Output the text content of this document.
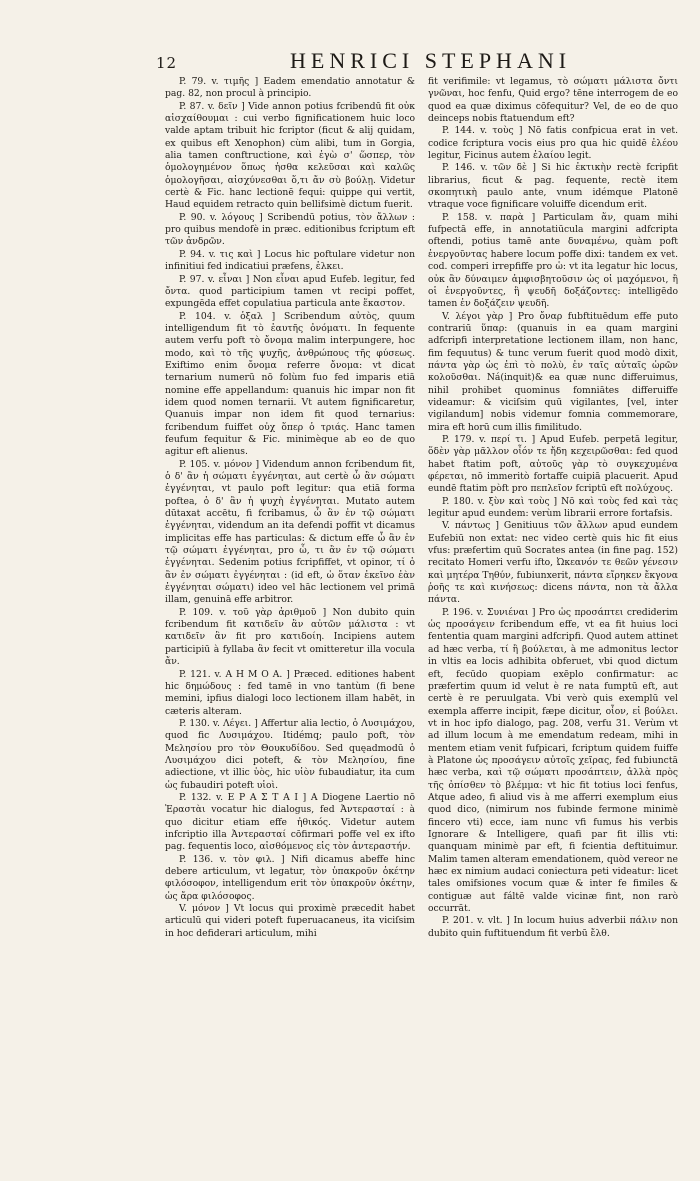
12	HENRICI STEPHANI

P. 79. v. τιμῆς ] Eadem emendatio annotatur & pag. 82, non procul à principio.

P. 87. v. δεῖν ] Vide annon potius fcribendū fit οὐκ αἰσχαίθουμαι : cui verbo fignificationem huic loco valde aptam tribuit hic fcriptor (ficut & alij quidam, ex quibus eft Xenophon) cùm alibi, tum in Gorgia, alia tamen conftructione, καὶ ἐγὼ σ' ὥσπερ, τὸν ὁμολογημένον ὅπως ἠσθα κελεῦσαι καὶ καλῶς ὁμολογῆσαι, αἰσχύνεσθαι ὅ,τι ἄν σὺ βούλῃ. Videtur certè & Fic. hanc lectionē fequi: quippe qui vertit, Haud equidem retracto quin bellifsimè dictum fuerit.

P. 90. v. λόγους ] Scribendū potius, τὸν ἄλλων : pro quibus mendofè in præc. editionibus fcriptum eft τῶν ἀνδρῶν.

P. 94. v. τις καὶ ] Locus hic poftulare videtur non infinitiui fed indicatiui præfens, ἑλκει.

P. 97. v. εἶναι ] Non εἶναι apud Eufeb. legitur, fed ὄντα. quod participium tamen vt recipi poffet, expungēda effet copulatiua particula ante ἕκαστον.

P. 104. v. ὁξαλ ] Scribendum αὐτὸς, quum intelligendum fit τὸ ἑαυτῆς ὀνόματι. In fequente autem verfu poft τὸ ὄνομα malim interpungere, hoc modo, καὶ τὸ τῆς ψυχῆς, ἀνθρώπους τῆς φύσεως. Exiftimo enim ὄνομα referre ὄνομα: vt dicat ternarium numerū nō folùm fuo fed imparis etiā nomine effe appellandum: quanuis hic impar non fit idem quod nomen ternarii. Vt autem fignificaretur, Quanuis impar non idem fit quod ternarius: fcribendum fuiffet οὐχ ὅπερ ὁ τριάς. Hanc tamen feufum fequitur & Fic. minimèque ab eo de quo agitur eft alienus.

P. 105. v. μόνον ] Videndum annon fcribendum fit, ὁ δ' ἂν ἡ σώματι ἐγγένηται, aut certè ὧ ἂν σώματι ἐγγένηται, vt paulo poft legitur: qua etiā forma poftea, ὁ δ' ἂν ἡ ψυχὴ ἐγγένηται. Mutato autem dūtaxat accētu, fi fcribamus, ὧ ἂν ἐν τῷ σώματι ἐγγένηται, videndum an ita defendi poffit vt dicamus implicitas effe has particulas: & dictum effe ὧ ἂν ἐν τῷ σώματι ἐγγένηται, pro ὧ, τι ἂν ἐν τῷ σώματι ἐγγένηται. Sedenim potius fcripfiffet, vt opinor, τί ὁ ἂν ἐν σώματι ἐγγένηται : (id eft, ὡ ὅταν ἐκεῖνο ἐὰν ἐγγένηται σώματι) ideo vel hāc lectionem vel primā illam, genuinā effe arbitror.

P. 109. v. τοῦ γὰρ ἀριθμοῦ ] Non dubito quin fcribendum fit κατιδεῖν ἂν αὐτῶν μάλιστα : vt κατιδεῖν ἂν fit pro κατιδοίη. Incipiens autem participiū à fyllaba ἂν fecit vt omitteretur illa vocula ἄν.

P. 121. v. Α Η Μ Ο Α. ] Præced. editiones habent hic δημώδους : fed tamē in vno tantùm (fi bene memini, ipfius dialogi loco lectionem illam habēt, in cæteris alteram.

P. 130. v. Λέγει. ] Affertur alia lectio, ὁ Λυσιμάχου, quod fic Λυσιμάχου. Itidémq; paulo poft, τὸν Μελησίου pro τὸν Θουκυδίδου. Sed quęadmodū ὁ Λυσιμάχου dici poteft, & τὸν Μελησίου, fine adiectione, vt illic ὑὸς, hic υἱὸν fubaudiatur, ita cum ὡς fubaudiri poteft υἱοὶ.

P. 132. v. Ε Ρ Α Σ Τ Α Ι ] A Diogene Laertio nō Ἐραστὰι vocatur hic dialogus, fed Ἀντερασταί : à quo dicitur etiam effe ἠθικός. Videtur autem infcriptio illa Ἀντερασταί cōfirmari poffe vel ex ifto pag. fequentis loco, αἰσθόμενος εἰς τὸν ἀντεραστήν.

P. 136. v. τὸν φιλ. ] Nifi dicamus abeffe hinc debere articulum, vt legatur, τὸν ὑπακροῦν ὀκέτην φιλόσοφον, intelligendum erit τὸν ὑπακροῦν ὀκέτην, ὡς ἄρα φιλόσοφος.

V. μόνον ] Vt locus qui proximè præcedit habet articulū qui videri poteft fuperuacaneus, ita viciſsim in hoc defiderari articulum, mihi

fit verifimile: vt legamus, τὸ σώματι μάλιστα ὄντι γνῶναι, hoc fenfu, Quid ergo? tēne interrogem de eo quod ea quæ diximus cōfequitur? Vel, de eo de quo deinceps nobis ftatuendum eft?

P. 144. v. τοὺς ] Nō fatis confpicua erat in vet. codice fcriptura vocis eius pro qua hic quidē ἐλέου legitur, Ficinus autem ἐλαίου legit.

P. 146. v. τῶν δὲ ] Si hic ἐκτικὴν rectè fcripfit librarius, ficut & pag. fequente, rectè item σκοπητικὴ paulo ante, vnum idémque Platonē vtraque voce fignificare voluiffe dicendum erit.

P. 158. v. παρὰ ] Particulam ἅν, quam mihi fufpectā effe, in annotatiūcula margini adfcripta oftendi, potius tamē ante δυναμένω, quàm poft ἐνεργοῦντας habere locum poffe dixi: tandem ex vet. cod. comperi irrepfiffe pro ὡ: vt ita legatur hic locus, οὐκ ἂν δύναιμεν ἀμφισβητοῦσιν ὡς οἱ μαχόμενοι, ἢ οἱ ἐνεργοῦντες, ἢ ψευδῆ δοξάζοντες: intelligēdo tamen ἐν δοξάζειν ψευδῆ.

V. λέγοι γὰρ ] Pro ὄναρ fubftituēdum effe puto contrariū ὕπαρ: (quanuis in ea quam margini adfcripfi interpretatione lectionem illam, non hanc, fim fequutus) & tunc verum fuerit quod modò dixit, πάντα γὰρ ὡς ἐπὶ τὸ πολὺ, ἐν ταῖς αὐταῖς ὡρῶν κολοῦσθαι. Ná(inquit)& ea quæ nunc differuimus, nihil prohibet quominus fomniātes differuiffe videamur: & viciſsim quū vigilantes, [vel, inter vigilandum] nobis videmur fomnia commemorare, mira eft horū cum illis fimilitudo.

P. 179. v. περί τι. ] Apud Eufeb. perpetā legitur, ὅδὲν γὰρ μᾶλλον οἶόν τε ἤδη κεχειρῶσθαι: fed quod habet ftatim poft, αὐτοῦς γὰρ τὸ συγκεχυμένα φέρεται, nō immeritò fortaffe cuipiā placuerit. Apud eundē ftatim pòft pro πεπλεῖον fcriptū eft πολύχους.

P. 180. v. ξὺν καὶ τοὺς ] Nō καὶ τοὺς fed καὶ τὰς legitur apud eundem: verùm librarii errore fortafsis.

V. πάντως ] Genitiuus τῶν ἄλλων apud eundem Eufebiū non extat: nec video certè quis hic fit eius vfus: præfertim quū Socrates antea (in fine pag. 152) recitato Homeri verfu ifto, Ὠκεανόν τε θεῶν γένεσιν καὶ μητέρα Τηθύν, fubiunxerit, πάντα εἴρηκεν ἔκγονα ῥοῆς τε καὶ κινήσεως: dicens πάντα, non τὰ ἄλλα πάντα.

P. 196. v. Συνιέναι ] Pro ὡς προσάπτει crediderim ὡς προσάγειν fcribendum effe, vt ea fit huius loci fententia quam margini adfcripfi. Quod autem attinet ad hæc verba, τί ἢ βούλεται, à me admonitus lector in vltis ea locis adhibita obferuet, vbi quod dictum eft, fecūdo quopiam exēplo confirmatur: ac præfertim quum id velut è re nata fumptū eft, aut certè è re peruulgata. Vbi verò quis exemplū vel exempla afferre incipit, fæpe dicitur, οἷον, εἰ βούλει. vt in hoc ipfo dialogo, pag. 208, verfu 31. Verùm vt ad illum locum à me emendatum redeam, mihi in mentem etiam venit fufpicari, fcriptum quidem fuiffe à Platone ὡς προσάγειν αὐτοῖς χεῖρας, fed fubiunctā hæc verba, καὶ τῷ σώματι προσάπτειν, ἀλλὰ πρὸς τῆς ὀπίσθεν τὸ βλέμμα: vt hic fit totius loci fenfus, Atque adeo, fi aliud vis à me afferri exemplum eius quod dico, (nimirum nos fubinde fermone minimè fincero vti) ecce, iam nunc vfi fumus his verbis Ignorare & Intelligere, quafi par fit illis vti: quanquam minimè par eft, fi fcientia deftituimur. Malim tamen alteram emendationem, quòd vereor ne hæc ex nimium audaci coniectura peti videatur: licet tales omifsiones vocum quæ & inter fe fimiles & contiguæ aut fáltē valde vicinæ fint, non rarò occurrāt.

P. 201. v. vlt. ] In locum huius adverbii πάλιν non dubito quin fuftituendum fit verbū ἔλθ.
